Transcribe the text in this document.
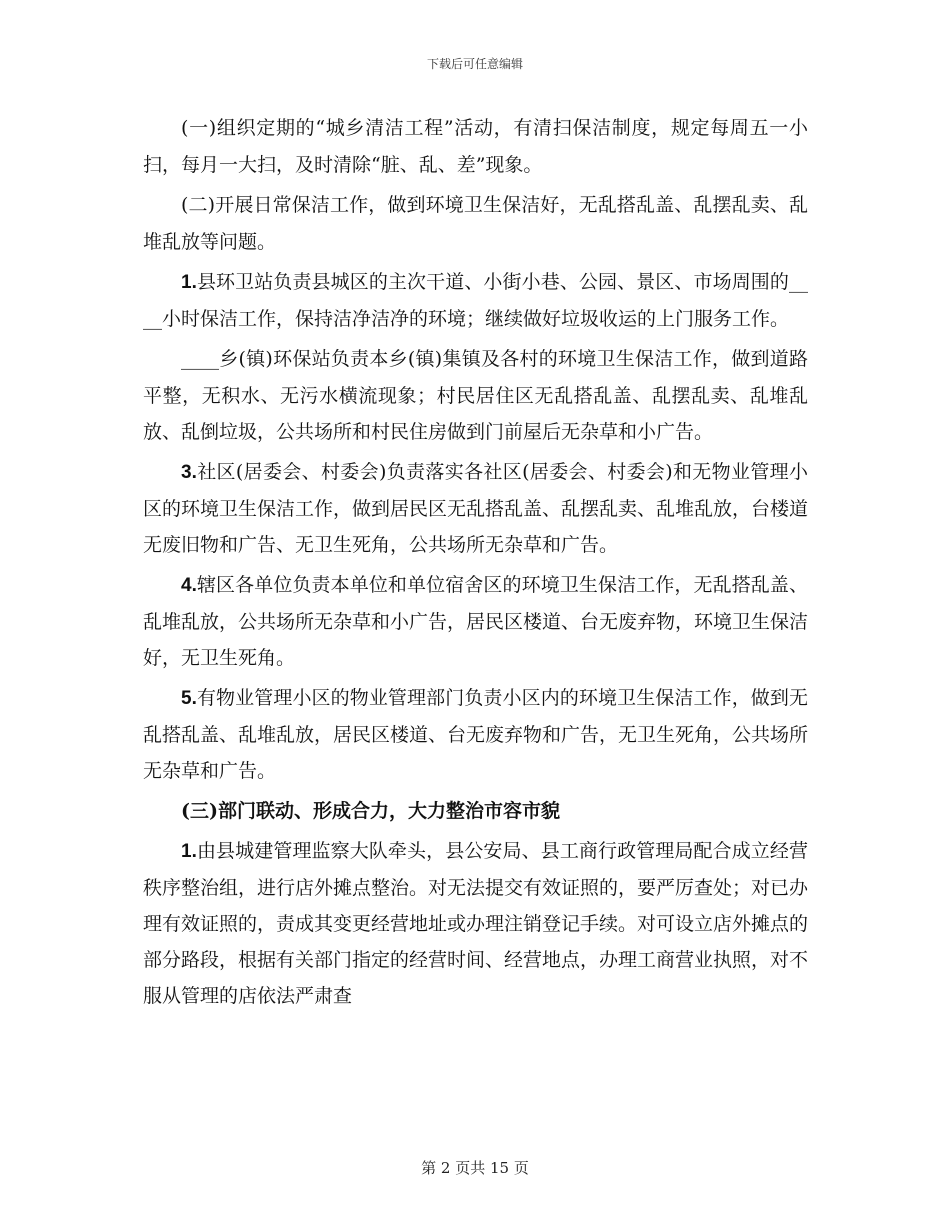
下载后可任意编辑

(一)组织定期的“城乡清洁工程”活动，有清扫保洁制度，规定每周五一小扫，每月一大扫，及时清除“脏、乱、差”现象。

(二)开展日常保洁工作，做到环境卫生保洁好，无乱搭乱盖、乱摆乱卖、乱堆乱放等问题。

1.县环卫站负责县城区的主次干道、小街小巷、公园、景区、市场周围的____小时保洁工作，保持洁净洁净的环境；继续做好垃圾收运的上门服务工作。

____乡(镇)环保站负责本乡(镇)集镇及各村的环境卫生保洁工作，做到道路平整，无积水、无污水横流现象；村民居住区无乱搭乱盖、乱摆乱卖、乱堆乱放、乱倒垃圾，公共场所和村民住房做到门前屋后无杂草和小广告。

3.社区(居委会、村委会)负责落实各社区(居委会、村委会)和无物业管理小区的环境卫生保洁工作，做到居民区无乱搭乱盖、乱摆乱卖、乱堆乱放，台楼道无废旧物和广告、无卫生死角，公共场所无杂草和广告。

4.辖区各单位负责本单位和单位宿舍区的环境卫生保洁工作，无乱搭乱盖、乱堆乱放，公共场所无杂草和小广告，居民区楼道、台无废弃物，环境卫生保洁好，无卫生死角。

5.有物业管理小区的物业管理部门负责小区内的环境卫生保洁工作，做到无乱搭乱盖、乱堆乱放，居民区楼道、台无废弃物和广告，无卫生死角，公共场所无杂草和广告。

(三)部门联动、形成合力，大力整治市容市貌

1.由县城建管理监察大队牵头，县公安局、县工商行政管理局配合成立经营秩序整治组，进行店外摊点整治。对无法提交有效证照的，要严厉查处；对已办理有效证照的，责成其变更经营地址或办理注销登记手续。对可设立店外摊点的部分路段，根据有关部门指定的经营时间、经营地点，办理工商营业执照，对不服从管理的店依法严肃查

第 2 页共 15 页
